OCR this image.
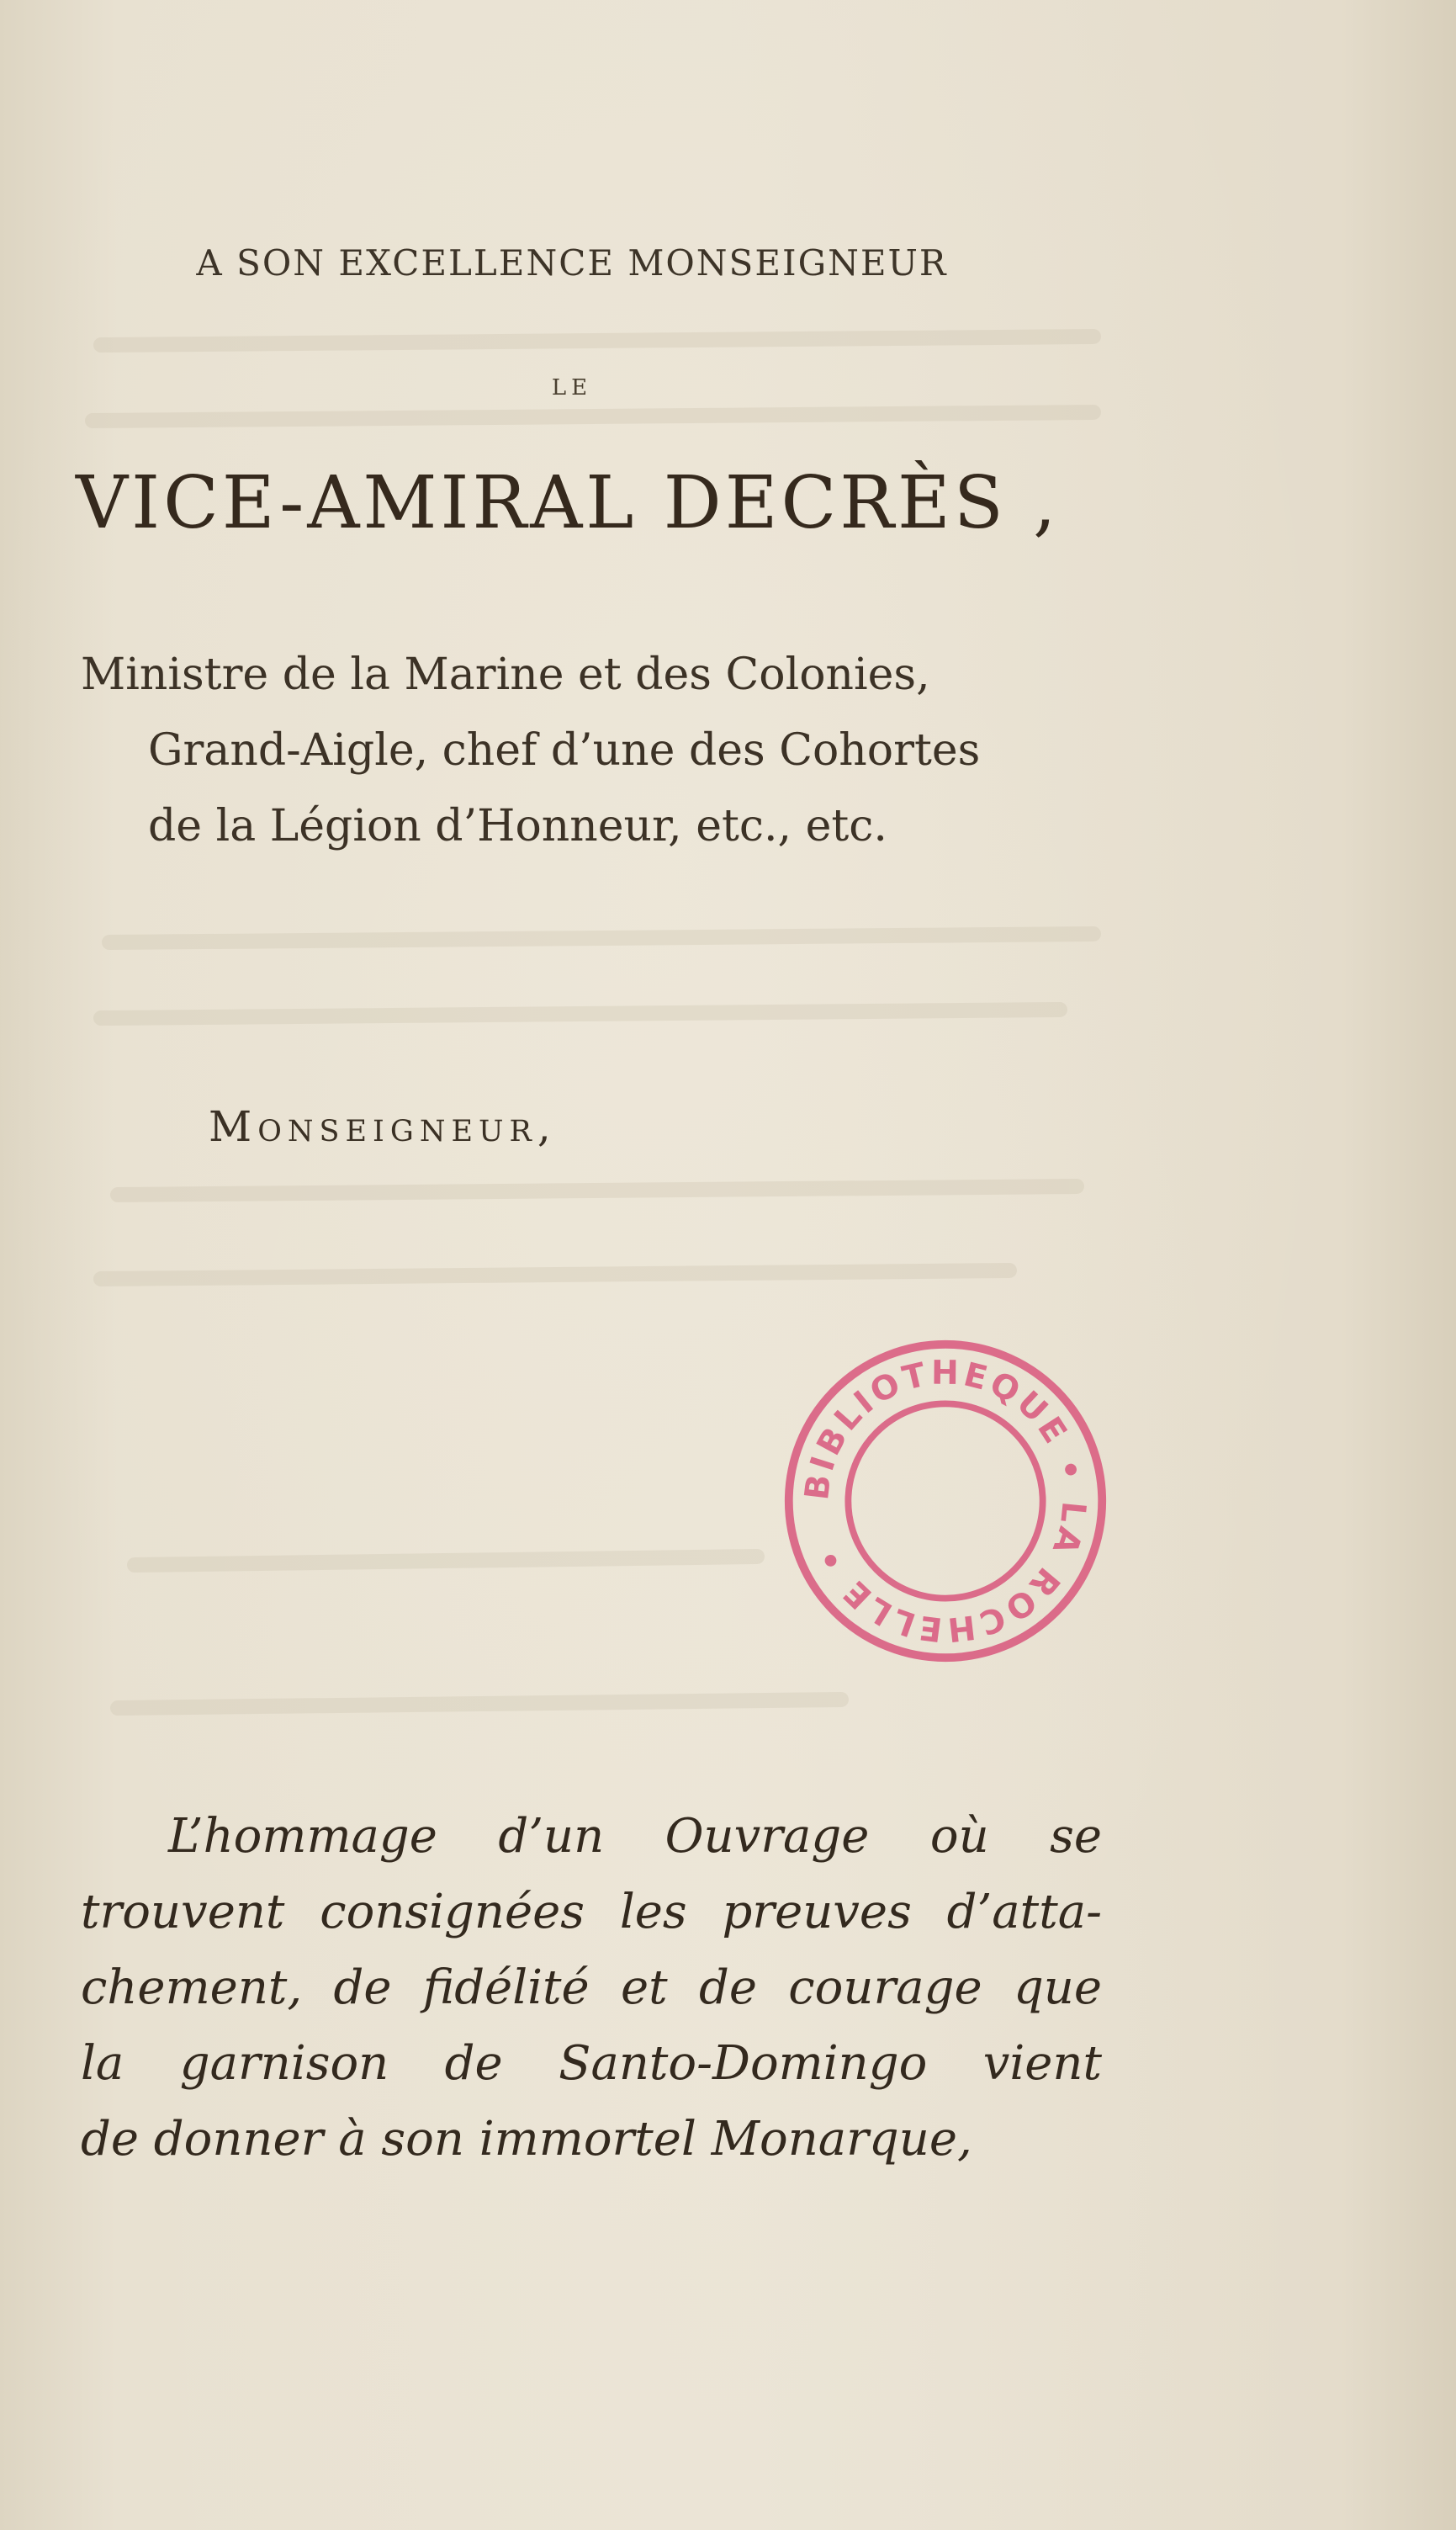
A SON EXCELLENCE MONSEIGNEUR
LE
VICE-AMIRAL DECRÈS ,
Ministre de la Marine et des Colonies,
Grand-Aigle, chef d’une des Cohortes
de la Légion d’Honneur, etc., etc.
Monseigneur,
BIBLIOTHEQUE • LA ROCHELLE •
L’hommage d’un Ouvrage où se
trouvent consignées les preuves d’atta-
chement, de fidélité et de courage que
la garnison de Santo-Domingo vient
de donner à son immortel Monarque,
